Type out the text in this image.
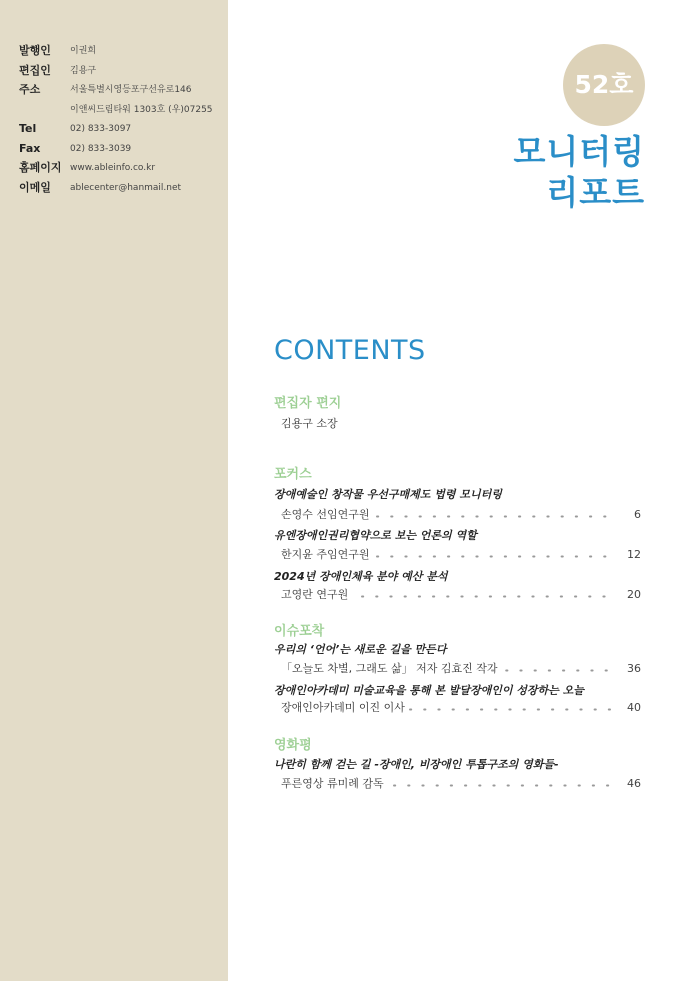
발행인 이권희
편집인 김용구
주소	서울특별시영등포구선유로146
이앤씨드림타워 1303호 (우)07255
Tel	02) 833-3097
Fax	02) 833-3039
홈페이지 www.ableinfo.co.kr
이메일 ablecenter@hanmail.net
52호
모니터링
리포트
CONTENTS
편집자 편지
김용구 소장
포커스
장애예술인 창작물 우선구매제도 법령 모니터링
손영수 선임연구원	6
유엔장애인권리협약으로 보는 언론의 역할
한지윤 주임연구원	12
2024년 장애인체육 분야 예산 분석
고영란 연구원	20
이슈포착
우리의 ‘언어’는 새로운 길을 만든다
「오늘도 차별, 그래도 삶」 저자 김효진 작가	36
장애인아카데미 미술교육을 통해 본 발달장애인이 성장하는 오늘
장애인아카데미 이진 이사	40
영화평
나란히 함께 걷는 길 -장애인, 비장애인 투톱구조의 영화들-
푸른영상 류미례 감독	46
